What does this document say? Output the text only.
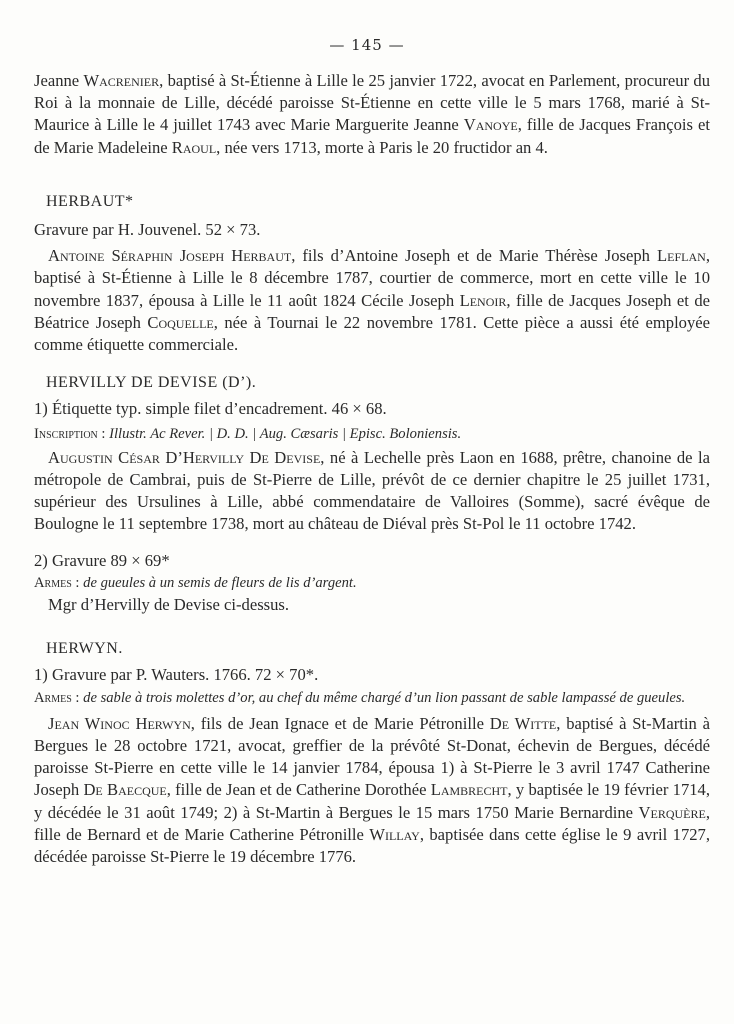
— 145 —

Jeanne Wacrenier, baptisé à St-Étienne à Lille le 25 janvier 1722, avocat en Parlement, procureur du Roi à la monnaie de Lille, décédé paroisse St-Étienne en cette ville le 5 mars 1768, marié à St-Maurice à Lille le 4 juillet 1743 avec Marie Marguerite Jeanne Vanoye, fille de Jacques François et de Marie Madeleine Raoul, née vers 1713, morte à Paris le 20 fructidor an 4.

HERBAUT*

Gravure par H. Jouvenel. 52 × 73.

Antoine Séraphin Joseph Herbaut, fils d’Antoine Joseph et de Marie Thérèse Joseph Leflan, baptisé à St-Étienne à Lille le 8 décembre 1787, courtier de commerce, mort en cette ville le 10 novembre 1837, épousa à Lille le 11 août 1824 Cécile Joseph Lenoir, fille de Jacques Joseph et de Béatrice Joseph Coquelle, née à Tournai le 22 novembre 1781. Cette pièce a aussi été employée comme étiquette commerciale.

HERVILLY DE DEVISE (D’).

1) Étiquette typ. simple filet d’encadrement. 46 × 68.

Inscription : Illustr. Ac Rever. | D. D. | Aug. Cæsaris | Episc. Boloniensis.

Augustin César D’Hervilly De Devise, né à Lechelle près Laon en 1688, prêtre, chanoine de la métropole de Cambrai, puis de St-Pierre de Lille, prévôt de ce dernier chapitre le 25 juillet 1731, supérieur des Ursulines à Lille, abbé commendataire de Valloires (Somme), sacré évêque de Boulogne le 11 septembre 1738, mort au château de Diéval près St-Pol le 11 octobre 1742.

2) Gravure 89 × 69*

Armes : de gueules à un semis de fleurs de lis d’argent.

Mgr d’Hervilly de Devise ci-dessus.

HERWYN.

1) Gravure par P. Wauters. 1766. 72 × 70*.

Armes : de sable à trois molettes d’or, au chef du même chargé d’un lion passant de sable lampassé de gueules.

Jean Winoc Herwyn, fils de Jean Ignace et de Marie Pétronille De Witte, baptisé à St-Martin à Bergues le 28 octobre 1721, avocat, greffier de la prévôté St-Donat, échevin de Bergues, décédé paroisse St-Pierre en cette ville le 14 janvier 1784, épousa 1) à St-Pierre le 3 avril 1747 Catherine Joseph De Baecque, fille de Jean et de Catherine Dorothée Lambrecht, y baptisée le 19 février 1714, y décédée le 31 août 1749; 2) à St-Martin à Bergues le 15 mars 1750 Marie Bernardine Verquère, fille de Bernard et de Marie Catherine Pétronille Willay, baptisée dans cette église le 9 avril 1727, décédée paroisse St-Pierre le 19 décembre 1776.
